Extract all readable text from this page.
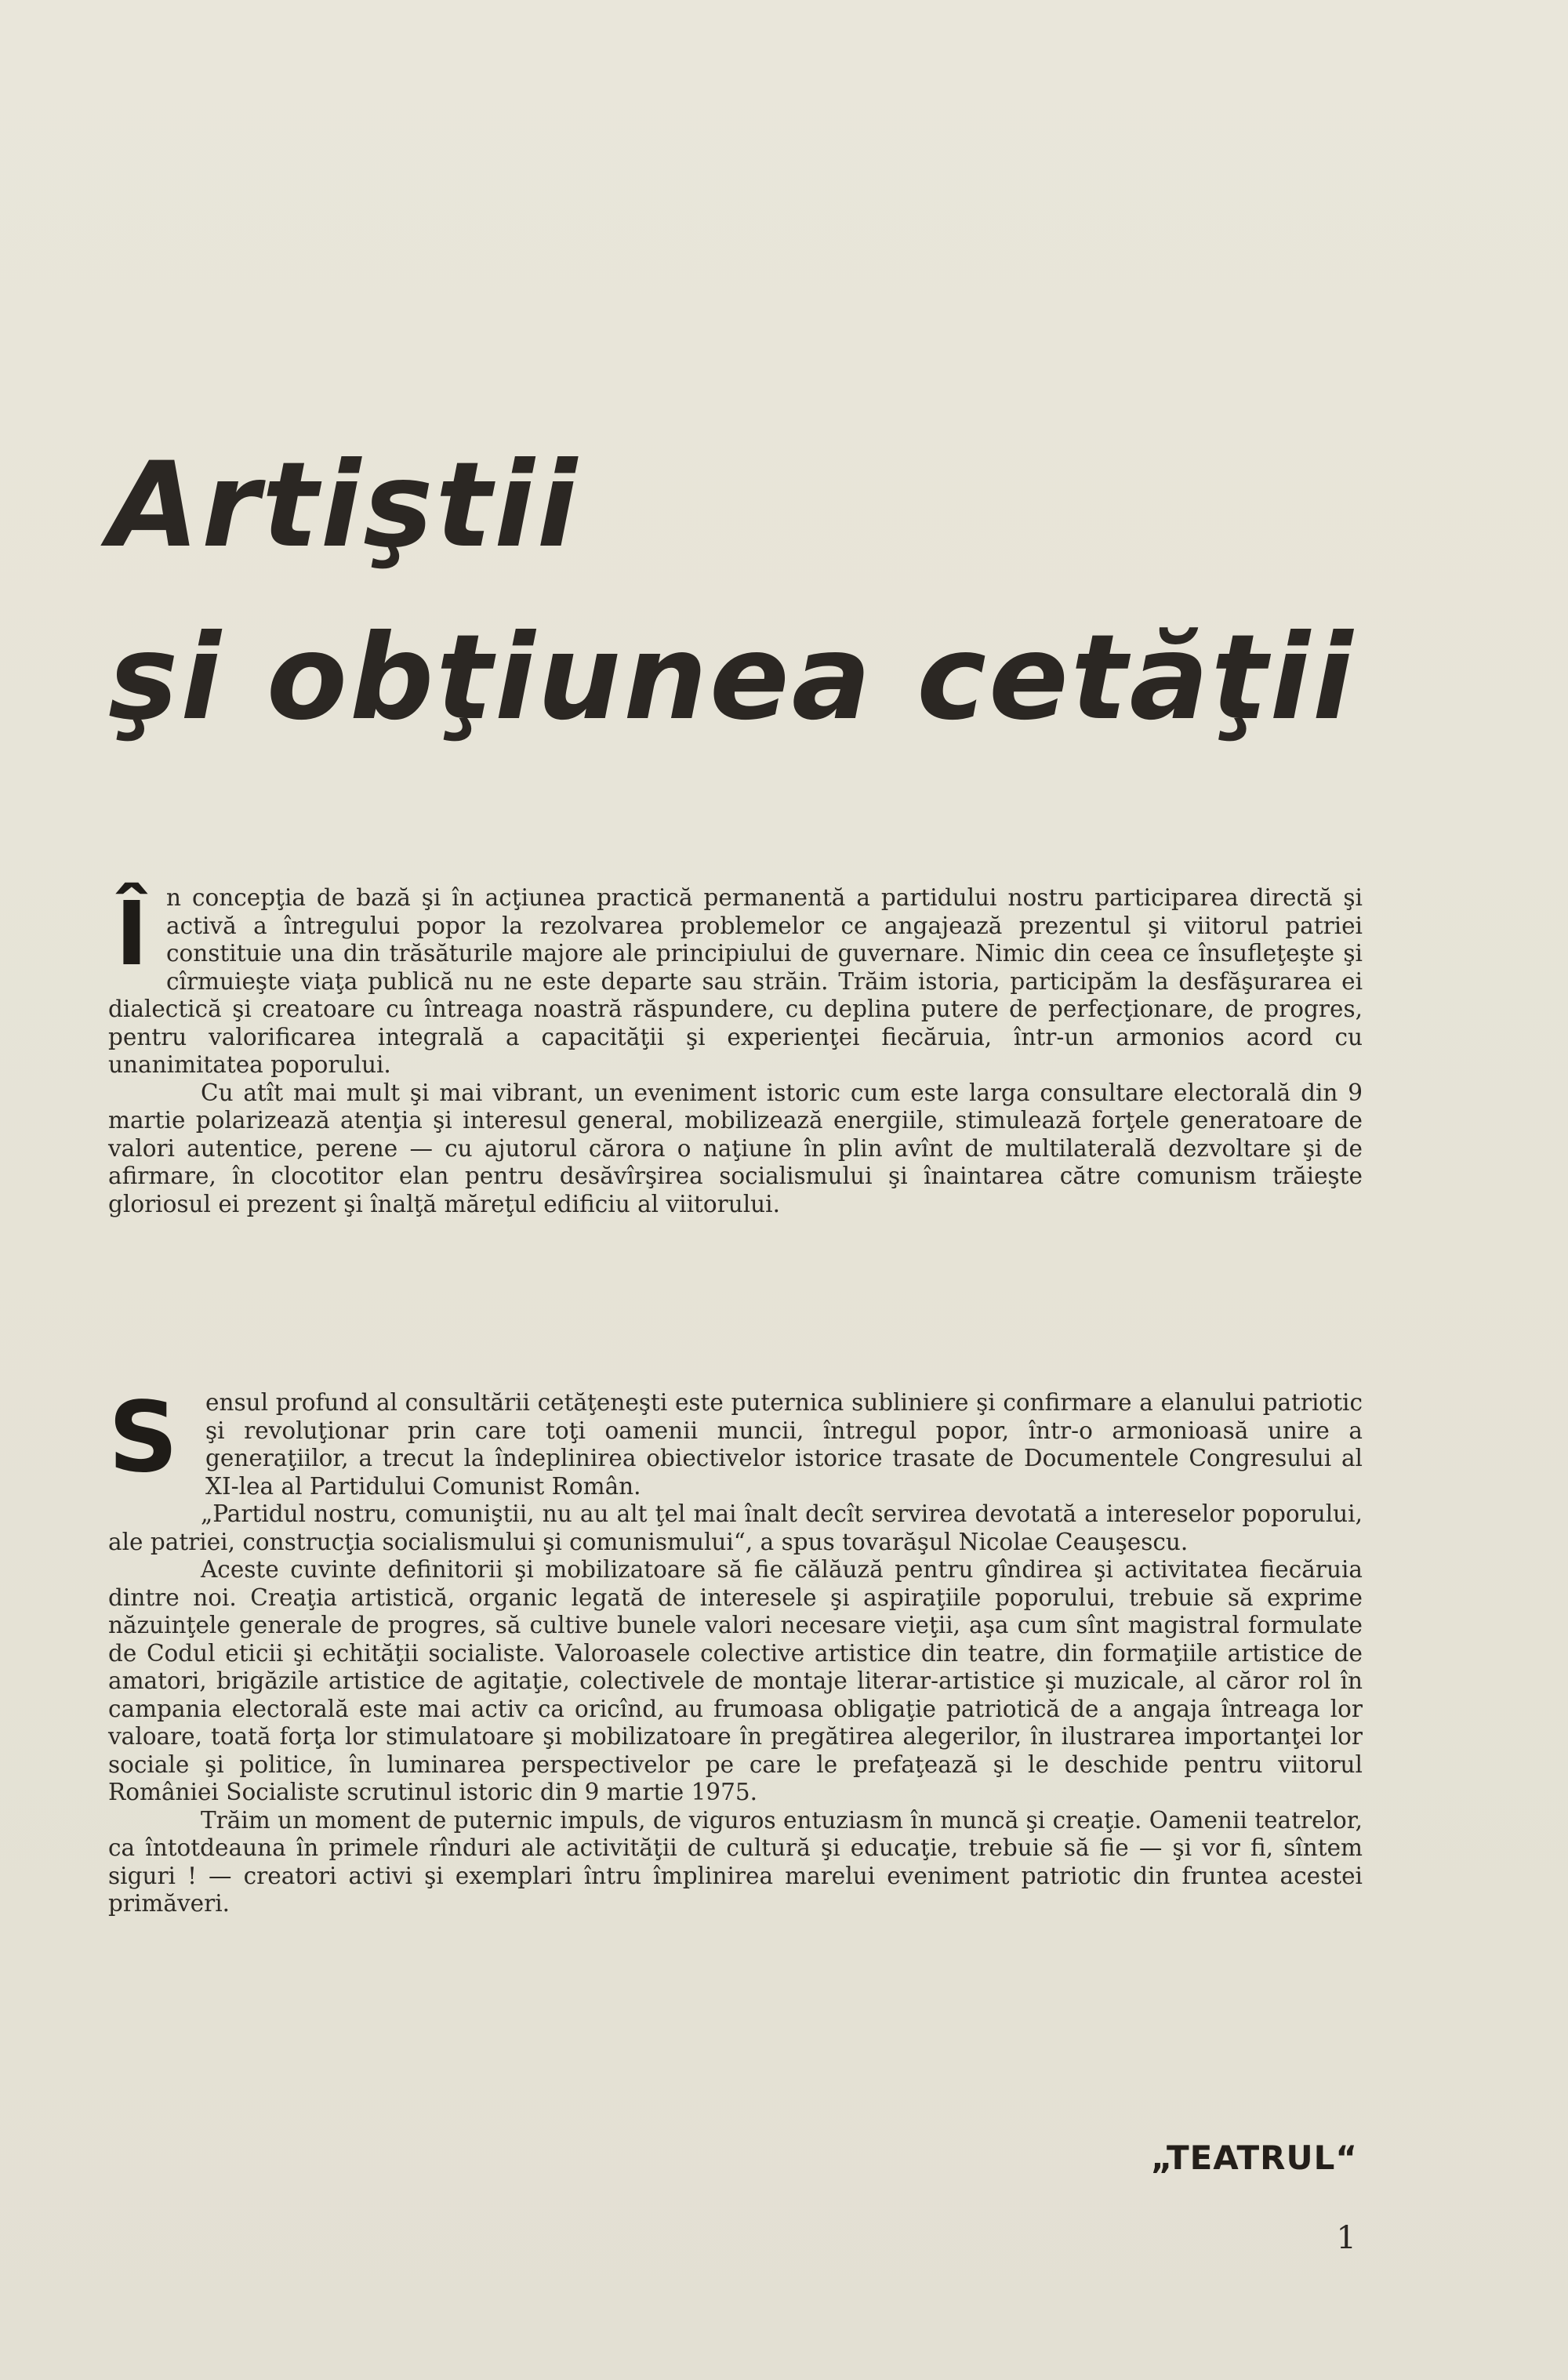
Artiştii
şi obţiunea cetăţii

În concepţia de bază şi în acţiunea practică permanentă a partidului nostru participarea directă şi activă a întregului popor la rezolvarea problemelor ce angajează prezentul şi viitorul patriei constituie una din trăsăturile majore ale principiului de guvernare. Nimic din ceea ce însufleţeşte şi cîrmuieşte viaţa publică nu ne este departe sau străin. Trăim istoria, participăm la desfăşurarea ei dialectică şi creatoare cu întreaga noastră răspundere, cu deplina putere de perfecţionare, de progres, pentru valorificarea integrală a capacităţii şi experienţei fiecăruia, într-un armonios acord cu unanimitatea poporului.

Cu atît mai mult şi mai vibrant, un eveniment istoric cum este larga consultare electorală din 9 martie polarizează atenţia şi interesul general, mobilizează energiile, stimulează forţele generatoare de valori autentice, perene — cu ajutorul cărora o naţiune în plin avînt de multilaterală dezvoltare şi de afirmare, în clocotitor elan pentru desăvîrşirea socialismului şi înaintarea către comunism trăieşte gloriosul ei prezent şi înalţă măreţul edificiu al viitorului.

S	ensul profund al consultării cetăţeneşti este puternica subliniere şi confirmare a elanului patriotic şi revoluţionar prin care toţi oamenii muncii, întregul popor, într-o armonioasă unire a generaţiilor, a trecut la îndeplinirea obiectivelor istorice trasate de Documentele Congresului al XI-lea al Partidului Comunist Român.

„Partidul nostru, comuniştii, nu au alt ţel mai înalt decît servirea devotată a intereselor poporului, ale patriei, construcţia socialismului şi comunismului“, a spus tovarăşul Nicolae Ceauşescu.

Aceste cuvinte definitorii şi mobilizatoare să fie călăuză pentru gîndirea şi activitatea fiecăruia dintre noi. Creaţia artistică, organic legată de interesele şi aspiraţiile poporului, trebuie să exprime năzuinţele generale de progres, să cultive bunele valori necesare vieţii, aşa cum sînt magistral formulate de Codul eticii şi echităţii socialiste. Valoroasele colective artistice din teatre, din formaţiile artistice de amatori, brigăzile artistice de agitaţie, colectivele de montaje literar-artistice şi muzicale, al căror rol în campania electorală este mai activ ca oricînd, au frumoasa obligaţie patriotică de a angaja întreaga lor valoare, toată forţa lor stimulatoare şi mobilizatoare în pregătirea alegerilor, în ilustrarea importanţei lor sociale şi politice, în luminarea perspectivelor pe care le prefaţează şi le deschide pentru viitorul României Socialiste scrutinul istoric din 9 martie 1975.

Trăim un moment de puternic impuls, de viguros entuziasm în muncă şi creaţie. Oamenii teatrelor, ca întotdeauna în primele rînduri ale activităţii de cultură şi educaţie, trebuie să fie — şi vor fi, sîntem siguri ! — creatori activi şi exemplari întru împlinirea marelui eveniment patriotic din fruntea acestei primăveri.

„TEATRUL“
1
